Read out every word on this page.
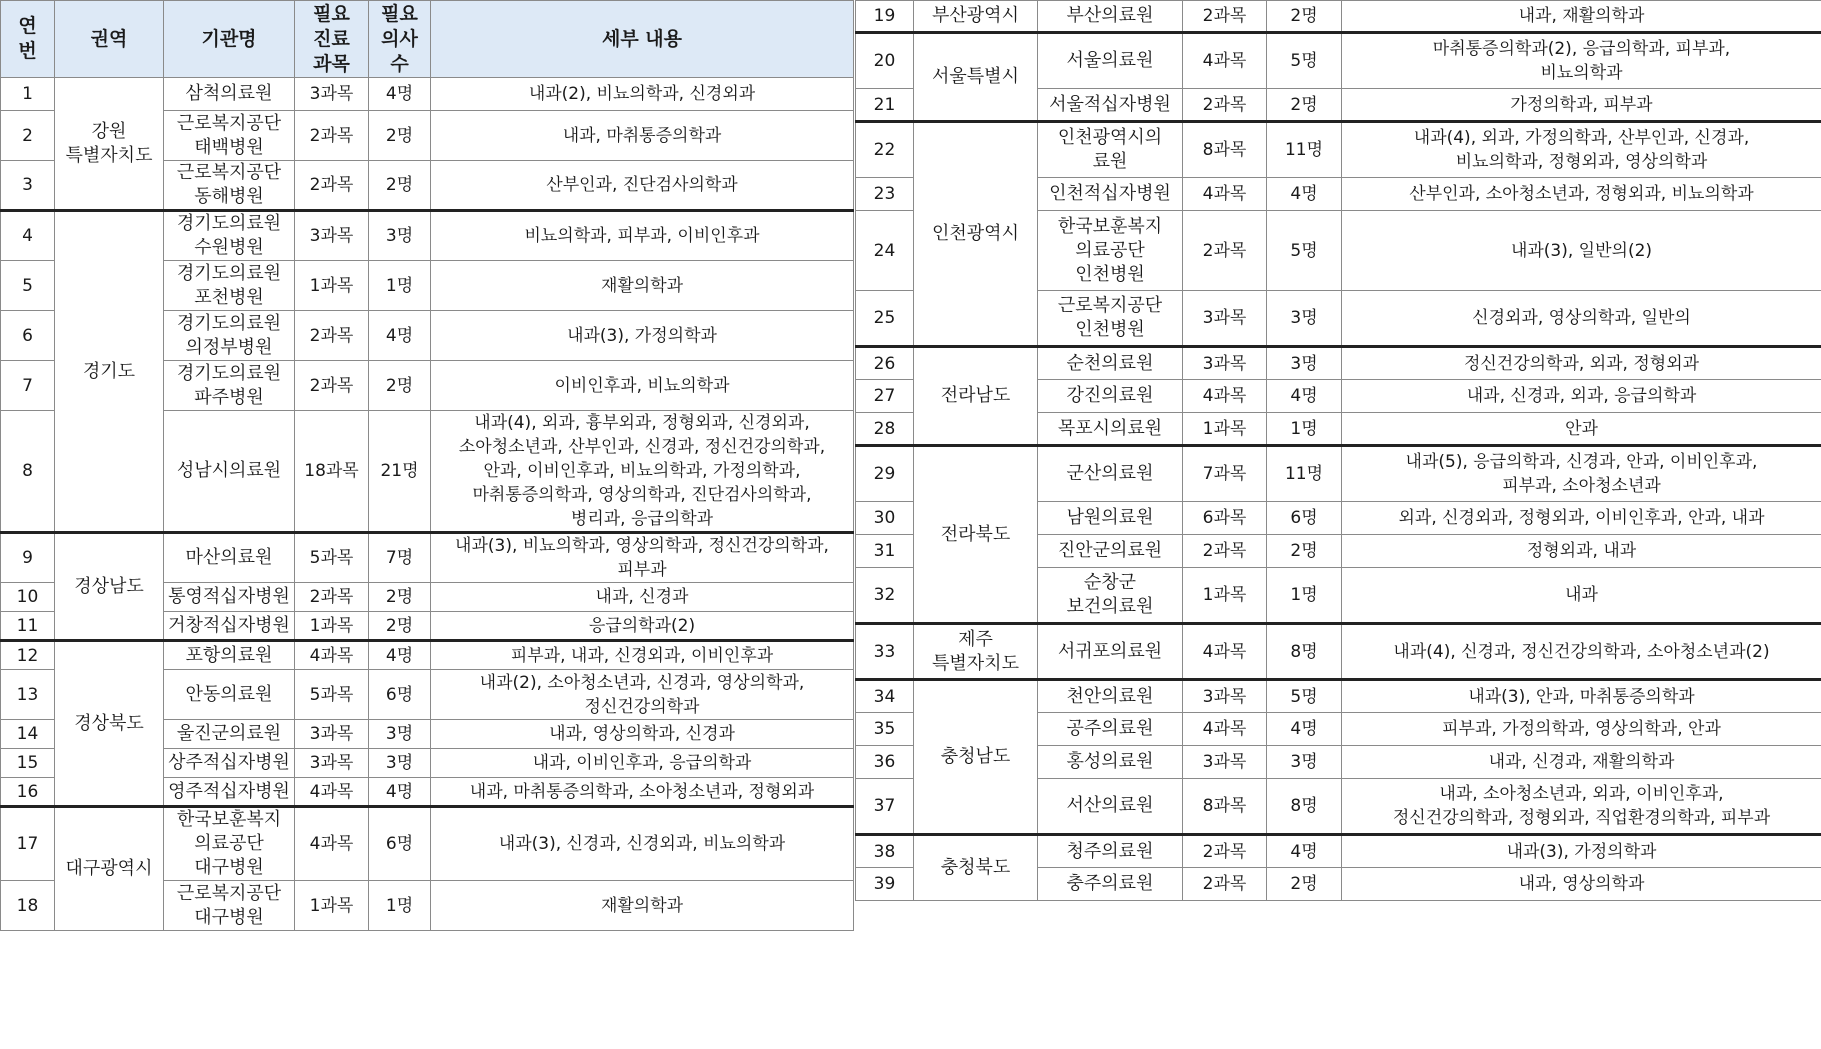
연
번	권역	기관명	필요
진료
과목	필요
의사
수	세부 내용
1	강원
특별자치도	삼척의료원	3과목	4명	내과(2), 비뇨의학과, 신경외과
2		근로복지공단
태백병원	2과목	2명	내과, 마취통증의학과
3		근로복지공단
동해병원	2과목	2명	산부인과, 진단검사의학과
4	경기도	경기도의료원
수원병원	3과목	3명	비뇨의학과, 피부과, 이비인후과
5		경기도의료원
포천병원	1과목	1명	재활의학과
6		경기도의료원
의정부병원	2과목	4명	내과(3), 가정의학과
7		경기도의료원
파주병원	2과목	2명	이비인후과, 비뇨의학과
8		성남시의료원	18과목	21명	내과(4), 외과, 흉부외과, 정형외과, 신경외과,
소아청소년과, 산부인과, 신경과, 정신건강의학과,
안과, 이비인후과, 비뇨의학과, 가정의학과,
마취통증의학과, 영상의학과, 진단검사의학과,
병리과, 응급의학과
9	경상남도	마산의료원	5과목	7명	내과(3), 비뇨의학과, 영상의학과, 정신건강의학과,
피부과
10		통영적십자병원	2과목	2명	내과, 신경과
11		거창적십자병원	1과목	2명	응급의학과(2)
12	경상북도	포항의료원	4과목	4명	피부과, 내과, 신경외과, 이비인후과
13		안동의료원	5과목	6명	내과(2), 소아청소년과, 신경과, 영상의학과,
정신건강의학과
14		울진군의료원	3과목	3명	내과, 영상의학과, 신경과
15		상주적십자병원	3과목	3명	내과, 이비인후과, 응급의학과
16		영주적십자병원	4과목	4명	내과, 마취통증의학과, 소아청소년과, 정형외과
17	대구광역시	한국보훈복지
의료공단
대구병원	4과목	6명	내과(3), 신경과, 신경외과, 비뇨의학과
18		근로복지공단
대구병원	1과목	1명	재활의학과
19	부산광역시	부산의료원	2과목	2명	내과, 재활의학과
20	서울특별시	서울의료원	4과목	5명	마취통증의학과(2), 응급의학과, 피부과,
비뇨의학과
21		서울적십자병원	2과목	2명	가정의학과, 피부과
22	인천광역시	인천광역시의
료원	8과목	11명	내과(4), 외과, 가정의학과, 산부인과, 신경과,
비뇨의학과, 정형외과, 영상의학과
23		인천적십자병원	4과목	4명	산부인과, 소아청소년과, 정형외과, 비뇨의학과
24		한국보훈복지
의료공단
인천병원	2과목	5명	내과(3), 일반의(2)
25		근로복지공단
인천병원	3과목	3명	신경외과, 영상의학과, 일반의
26	전라남도	순천의료원	3과목	3명	정신건강의학과, 외과, 정형외과
27		강진의료원	4과목	4명	내과, 신경과, 외과, 응급의학과
28		목포시의료원	1과목	1명	안과
29	전라북도	군산의료원	7과목	11명	내과(5), 응급의학과, 신경과, 안과, 이비인후과,
피부과, 소아청소년과
30		남원의료원	6과목	6명	외과, 신경외과, 정형외과, 이비인후과, 안과, 내과
31		진안군의료원	2과목	2명	정형외과, 내과
32		순창군
보건의료원	1과목	1명	내과
33	제주
특별자치도	서귀포의료원	4과목	8명	내과(4), 신경과, 정신건강의학과, 소아청소년과(2)
34	충청남도	천안의료원	3과목	5명	내과(3), 안과, 마취통증의학과
35		공주의료원	4과목	4명	피부과, 가정의학과, 영상의학과, 안과
36		홍성의료원	3과목	3명	내과, 신경과, 재활의학과
37		서산의료원	8과목	8명	내과, 소아청소년과, 외과, 이비인후과,
정신건강의학과, 정형외과, 직업환경의학과, 피부과
38	충청북도	청주의료원	2과목	4명	내과(3), 가정의학과
39		충주의료원	2과목	2명	내과, 영상의학과
